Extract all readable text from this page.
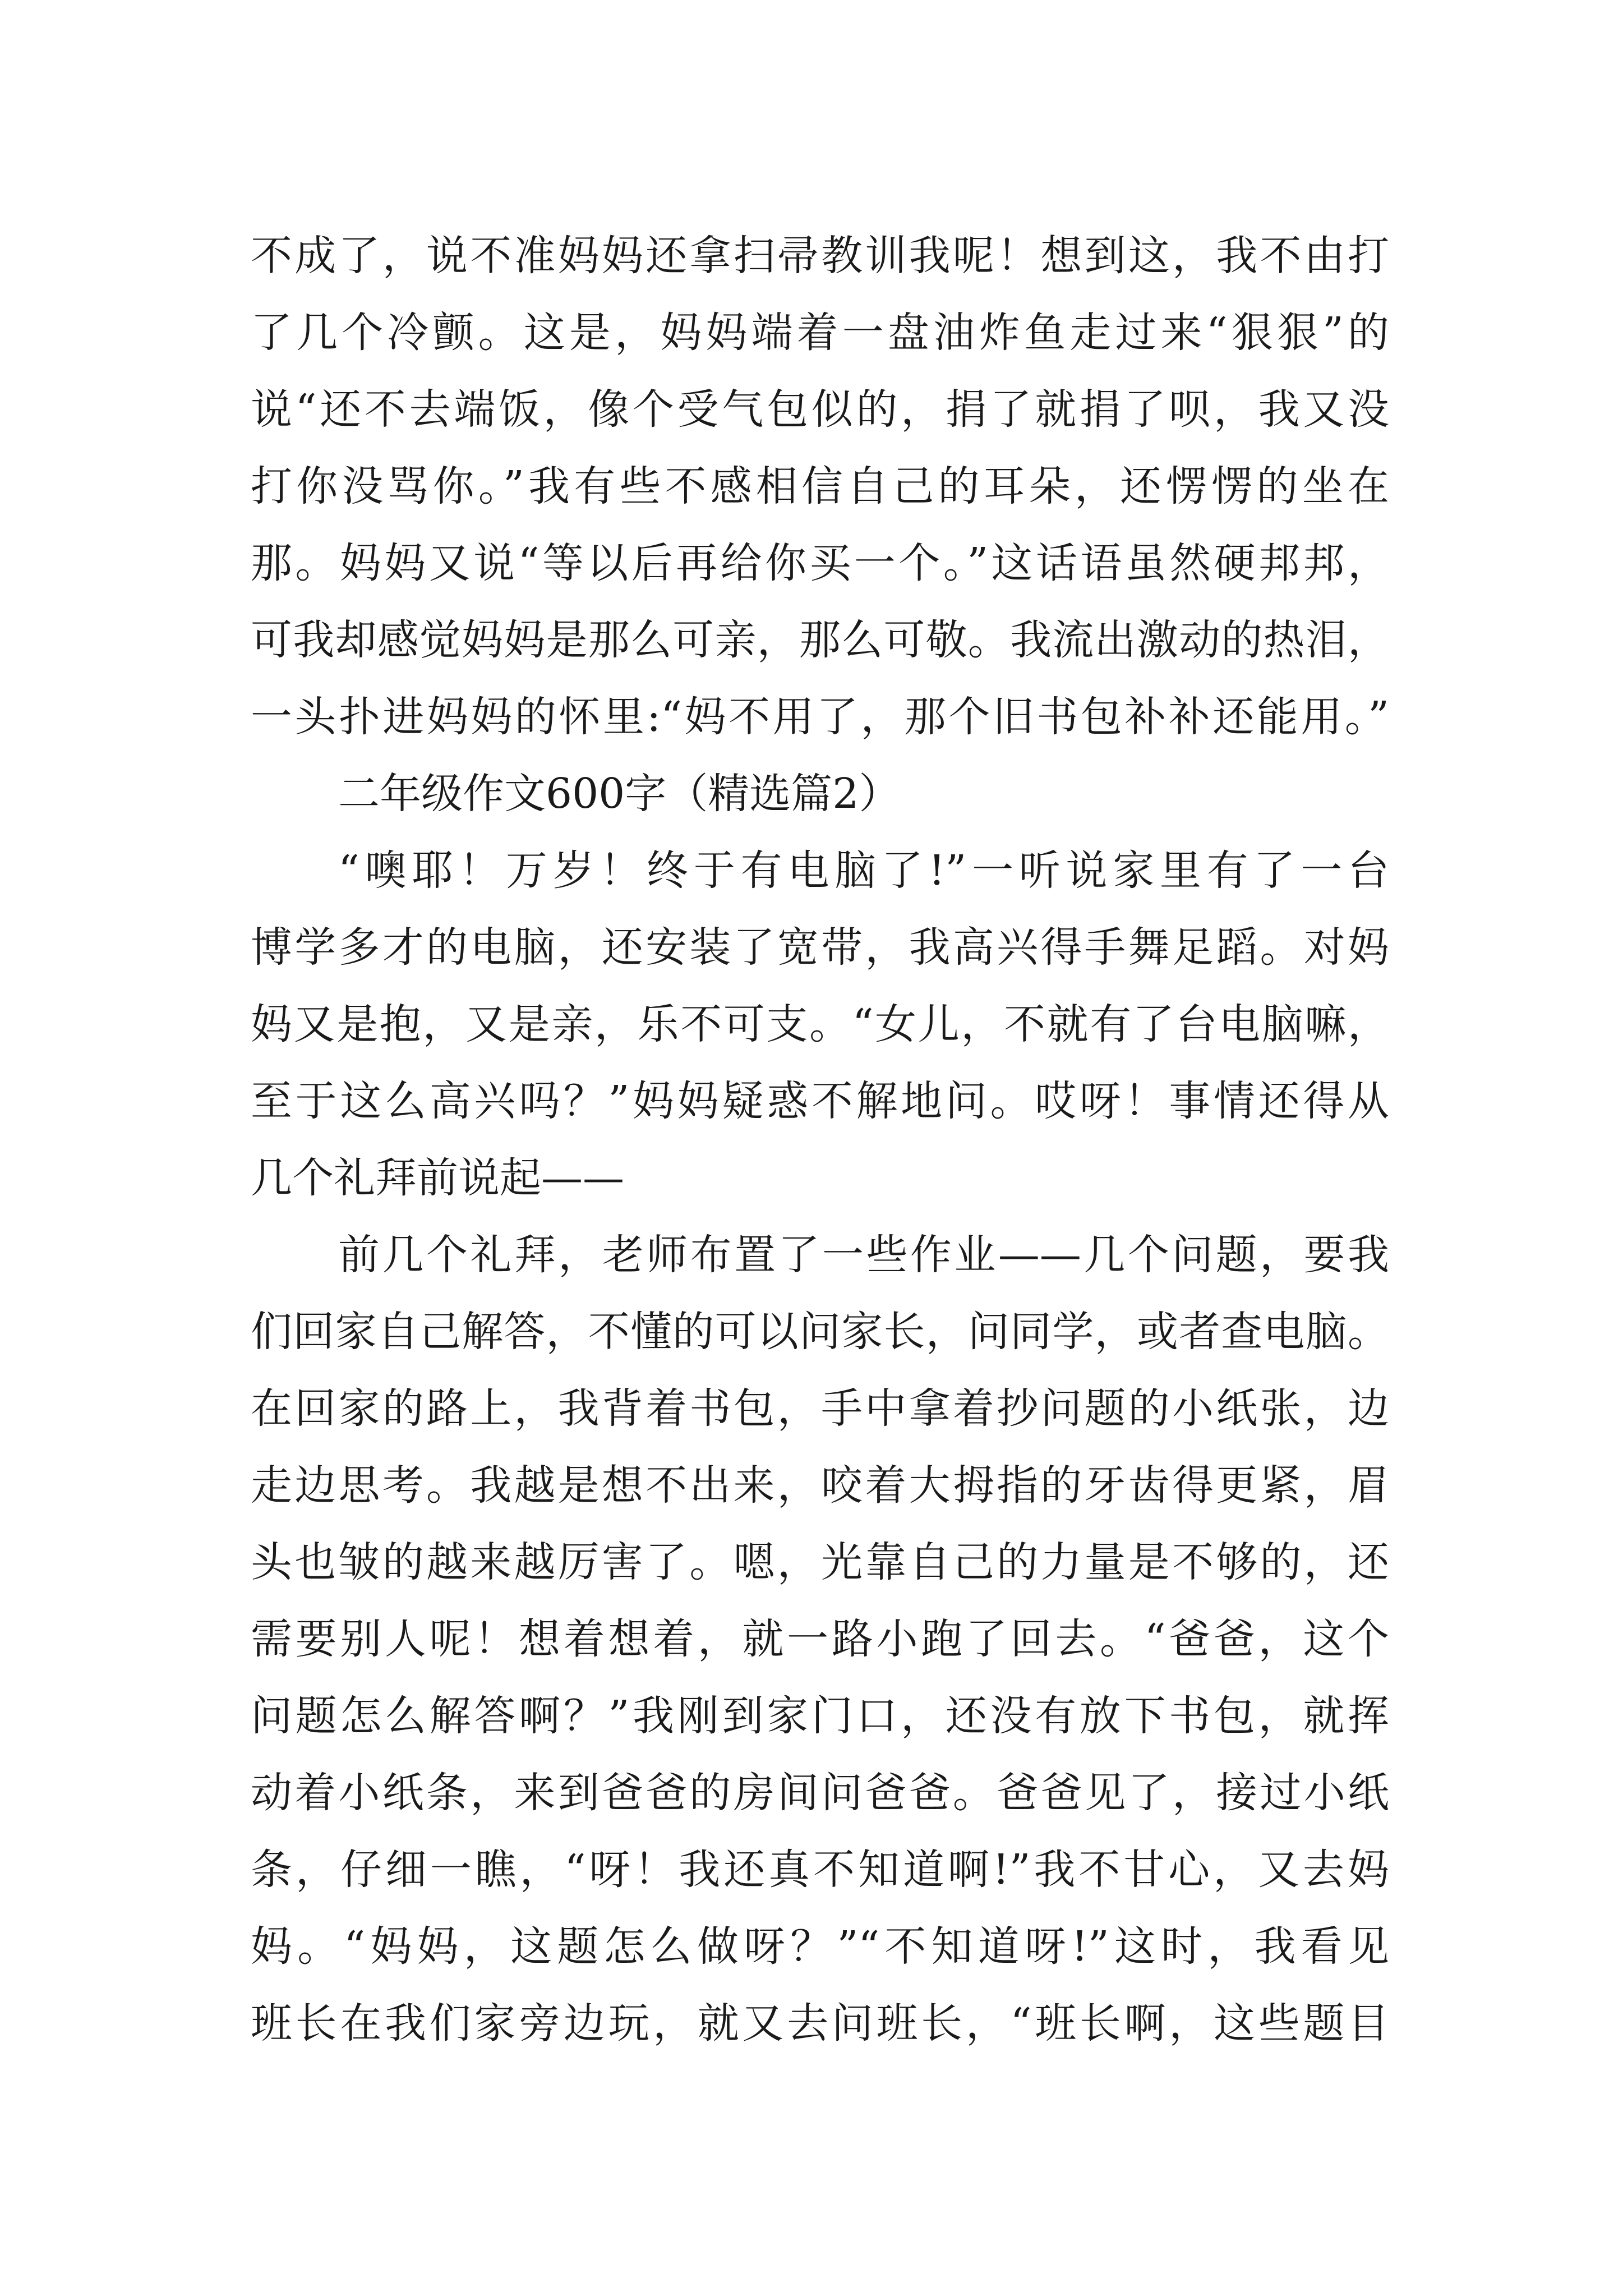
不成了，说不准妈妈还拿扫帚教训我呢！想到这，我不由打
了几个冷颤。这是，妈妈端着一盘油炸鱼走过来“狠狠”的
说“还不去端饭，像个受气包似的，捐了就捐了呗，我又没
打你没骂你。”我有些不感相信自己的耳朵，还愣愣的坐在
那。妈妈又说“等以后再给你买一个。”这话语虽然硬邦邦，
可我却感觉妈妈是那么可亲，那么可敬。我流出激动的热泪，
一头扑进妈妈的怀里:“妈不用了，那个旧书包补补还能用。”
二年级作文600字（精选篇2）
“噢耶！万岁！终于有电脑了!”一听说家里有了一台
博学多才的电脑，还安装了宽带，我高兴得手舞足蹈。对妈
妈又是抱，又是亲，乐不可支。“女儿，不就有了台电脑嘛，
至于这么高兴吗？”妈妈疑惑不解地问。哎呀！事情还得从
几个礼拜前说起——
前几个礼拜，老师布置了一些作业——几个问题，要我
们回家自己解答，不懂的可以问家长，问同学，或者查电脑。
在回家的路上，我背着书包，手中拿着抄问题的小纸张，边
走边思考。我越是想不出来，咬着大拇指的牙齿得更紧，眉
头也皱的越来越厉害了。嗯，光靠自己的力量是不够的，还
需要别人呢！想着想着，就一路小跑了回去。“爸爸，这个
问题怎么解答啊？”我刚到家门口，还没有放下书包，就挥
动着小纸条，来到爸爸的房间问爸爸。爸爸见了，接过小纸
条，仔细一瞧，“呀！我还真不知道啊!”我不甘心，又去妈
妈。“妈妈，这题怎么做呀？”“不知道呀!”这时，我看见
班长在我们家旁边玩，就又去问班长，“班长啊，这些题目
